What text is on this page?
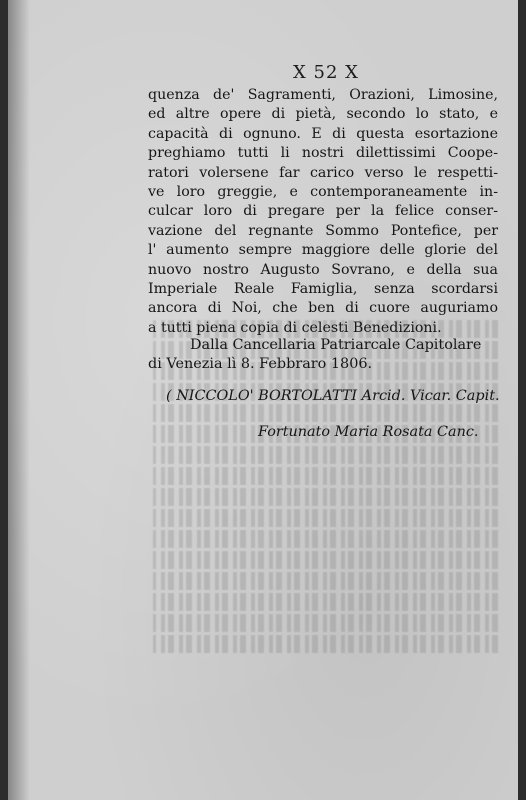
X 52 X
quenza de' Sagramenti, Orazioni, Limosine,
ed altre opere di pietà, secondo lo stato, e
capacità di ognuno. E di questa esortazione
preghiamo tutti li nostri dilettissimi Coope-
ratori volersene far carico verso le respetti-
ve loro greggie, e contemporaneamente in-
culcar loro di pregare per la felice conser-
vazione del regnante Sommo Pontefice, per
l' aumento sempre maggiore delle glorie del
nuovo nostro Augusto Sovrano, e della sua
Imperiale Reale Famiglia, senza scordarsi
ancora di Noi, che ben di cuore auguriamo
a tutti piena copia di celesti Benedizioni.
Dalla Cancellaria Patriarcale Capitolare
di Venezia lì 8. Febbraro 1806.
( NICCOLO' BORTOLATTI Arcid. Vicar. Capit.
Fortunato Maria Rosata Canc.
